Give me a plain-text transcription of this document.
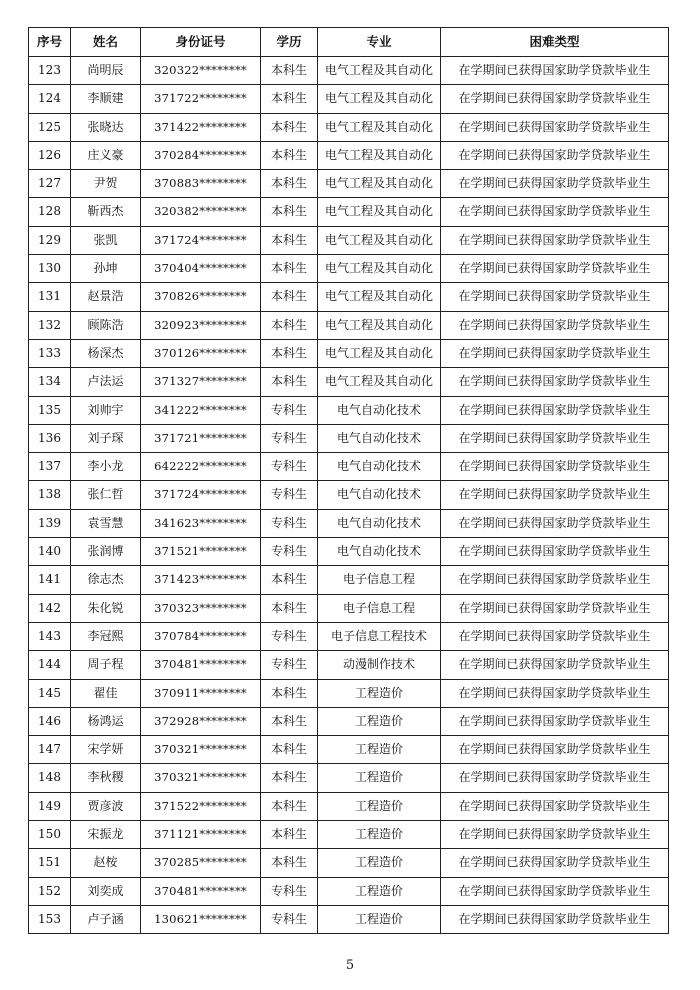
序号	姓名	身份证号	学历	专业	困难类型
123	尚明辰	320322********	本科生	电气工程及其自动化	在学期间已获得国家助学贷款毕业生
124	李顺建	371722********	本科生	电气工程及其自动化	在学期间已获得国家助学贷款毕业生
125	张晓达	371422********	本科生	电气工程及其自动化	在学期间已获得国家助学贷款毕业生
126	庄义豪	370284********	本科生	电气工程及其自动化	在学期间已获得国家助学贷款毕业生
127	尹贺	370883********	本科生	电气工程及其自动化	在学期间已获得国家助学贷款毕业生
128	靳西杰	320382********	本科生	电气工程及其自动化	在学期间已获得国家助学贷款毕业生
129	张凯	371724********	本科生	电气工程及其自动化	在学期间已获得国家助学贷款毕业生
130	孙坤	370404********	本科生	电气工程及其自动化	在学期间已获得国家助学贷款毕业生
131	赵景浩	370826********	本科生	电气工程及其自动化	在学期间已获得国家助学贷款毕业生
132	顾陈浩	320923********	本科生	电气工程及其自动化	在学期间已获得国家助学贷款毕业生
133	杨深杰	370126********	本科生	电气工程及其自动化	在学期间已获得国家助学贷款毕业生
134	卢法运	371327********	本科生	电气工程及其自动化	在学期间已获得国家助学贷款毕业生
135	刘帅宇	341222********	专科生	电气自动化技术	在学期间已获得国家助学贷款毕业生
136	刘子琛	371721********	专科生	电气自动化技术	在学期间已获得国家助学贷款毕业生
137	李小龙	642222********	专科生	电气自动化技术	在学期间已获得国家助学贷款毕业生
138	张仁哲	371724********	专科生	电气自动化技术	在学期间已获得国家助学贷款毕业生
139	袁雪慧	341623********	专科生	电气自动化技术	在学期间已获得国家助学贷款毕业生
140	张润博	371521********	专科生	电气自动化技术	在学期间已获得国家助学贷款毕业生
141	徐志杰	371423********	本科生	电子信息工程	在学期间已获得国家助学贷款毕业生
142	朱化锐	370323********	本科生	电子信息工程	在学期间已获得国家助学贷款毕业生
143	李冠熙	370784********	专科生	电子信息工程技术	在学期间已获得国家助学贷款毕业生
144	周子程	370481********	专科生	动漫制作技术	在学期间已获得国家助学贷款毕业生
145	翟佳	370911********	本科生	工程造价	在学期间已获得国家助学贷款毕业生
146	杨鸿运	372928********	本科生	工程造价	在学期间已获得国家助学贷款毕业生
147	宋学妍	370321********	本科生	工程造价	在学期间已获得国家助学贷款毕业生
148	李秋稷	370321********	本科生	工程造价	在学期间已获得国家助学贷款毕业生
149	贾彦波	371522********	本科生	工程造价	在学期间已获得国家助学贷款毕业生
150	宋振龙	371121********	本科生	工程造价	在学期间已获得国家助学贷款毕业生
151	赵桉	370285********	本科生	工程造价	在学期间已获得国家助学贷款毕业生
152	刘奕成	370481********	专科生	工程造价	在学期间已获得国家助学贷款毕业生
153	卢子涵	130621********	专科生	工程造价	在学期间已获得国家助学贷款毕业生
5
